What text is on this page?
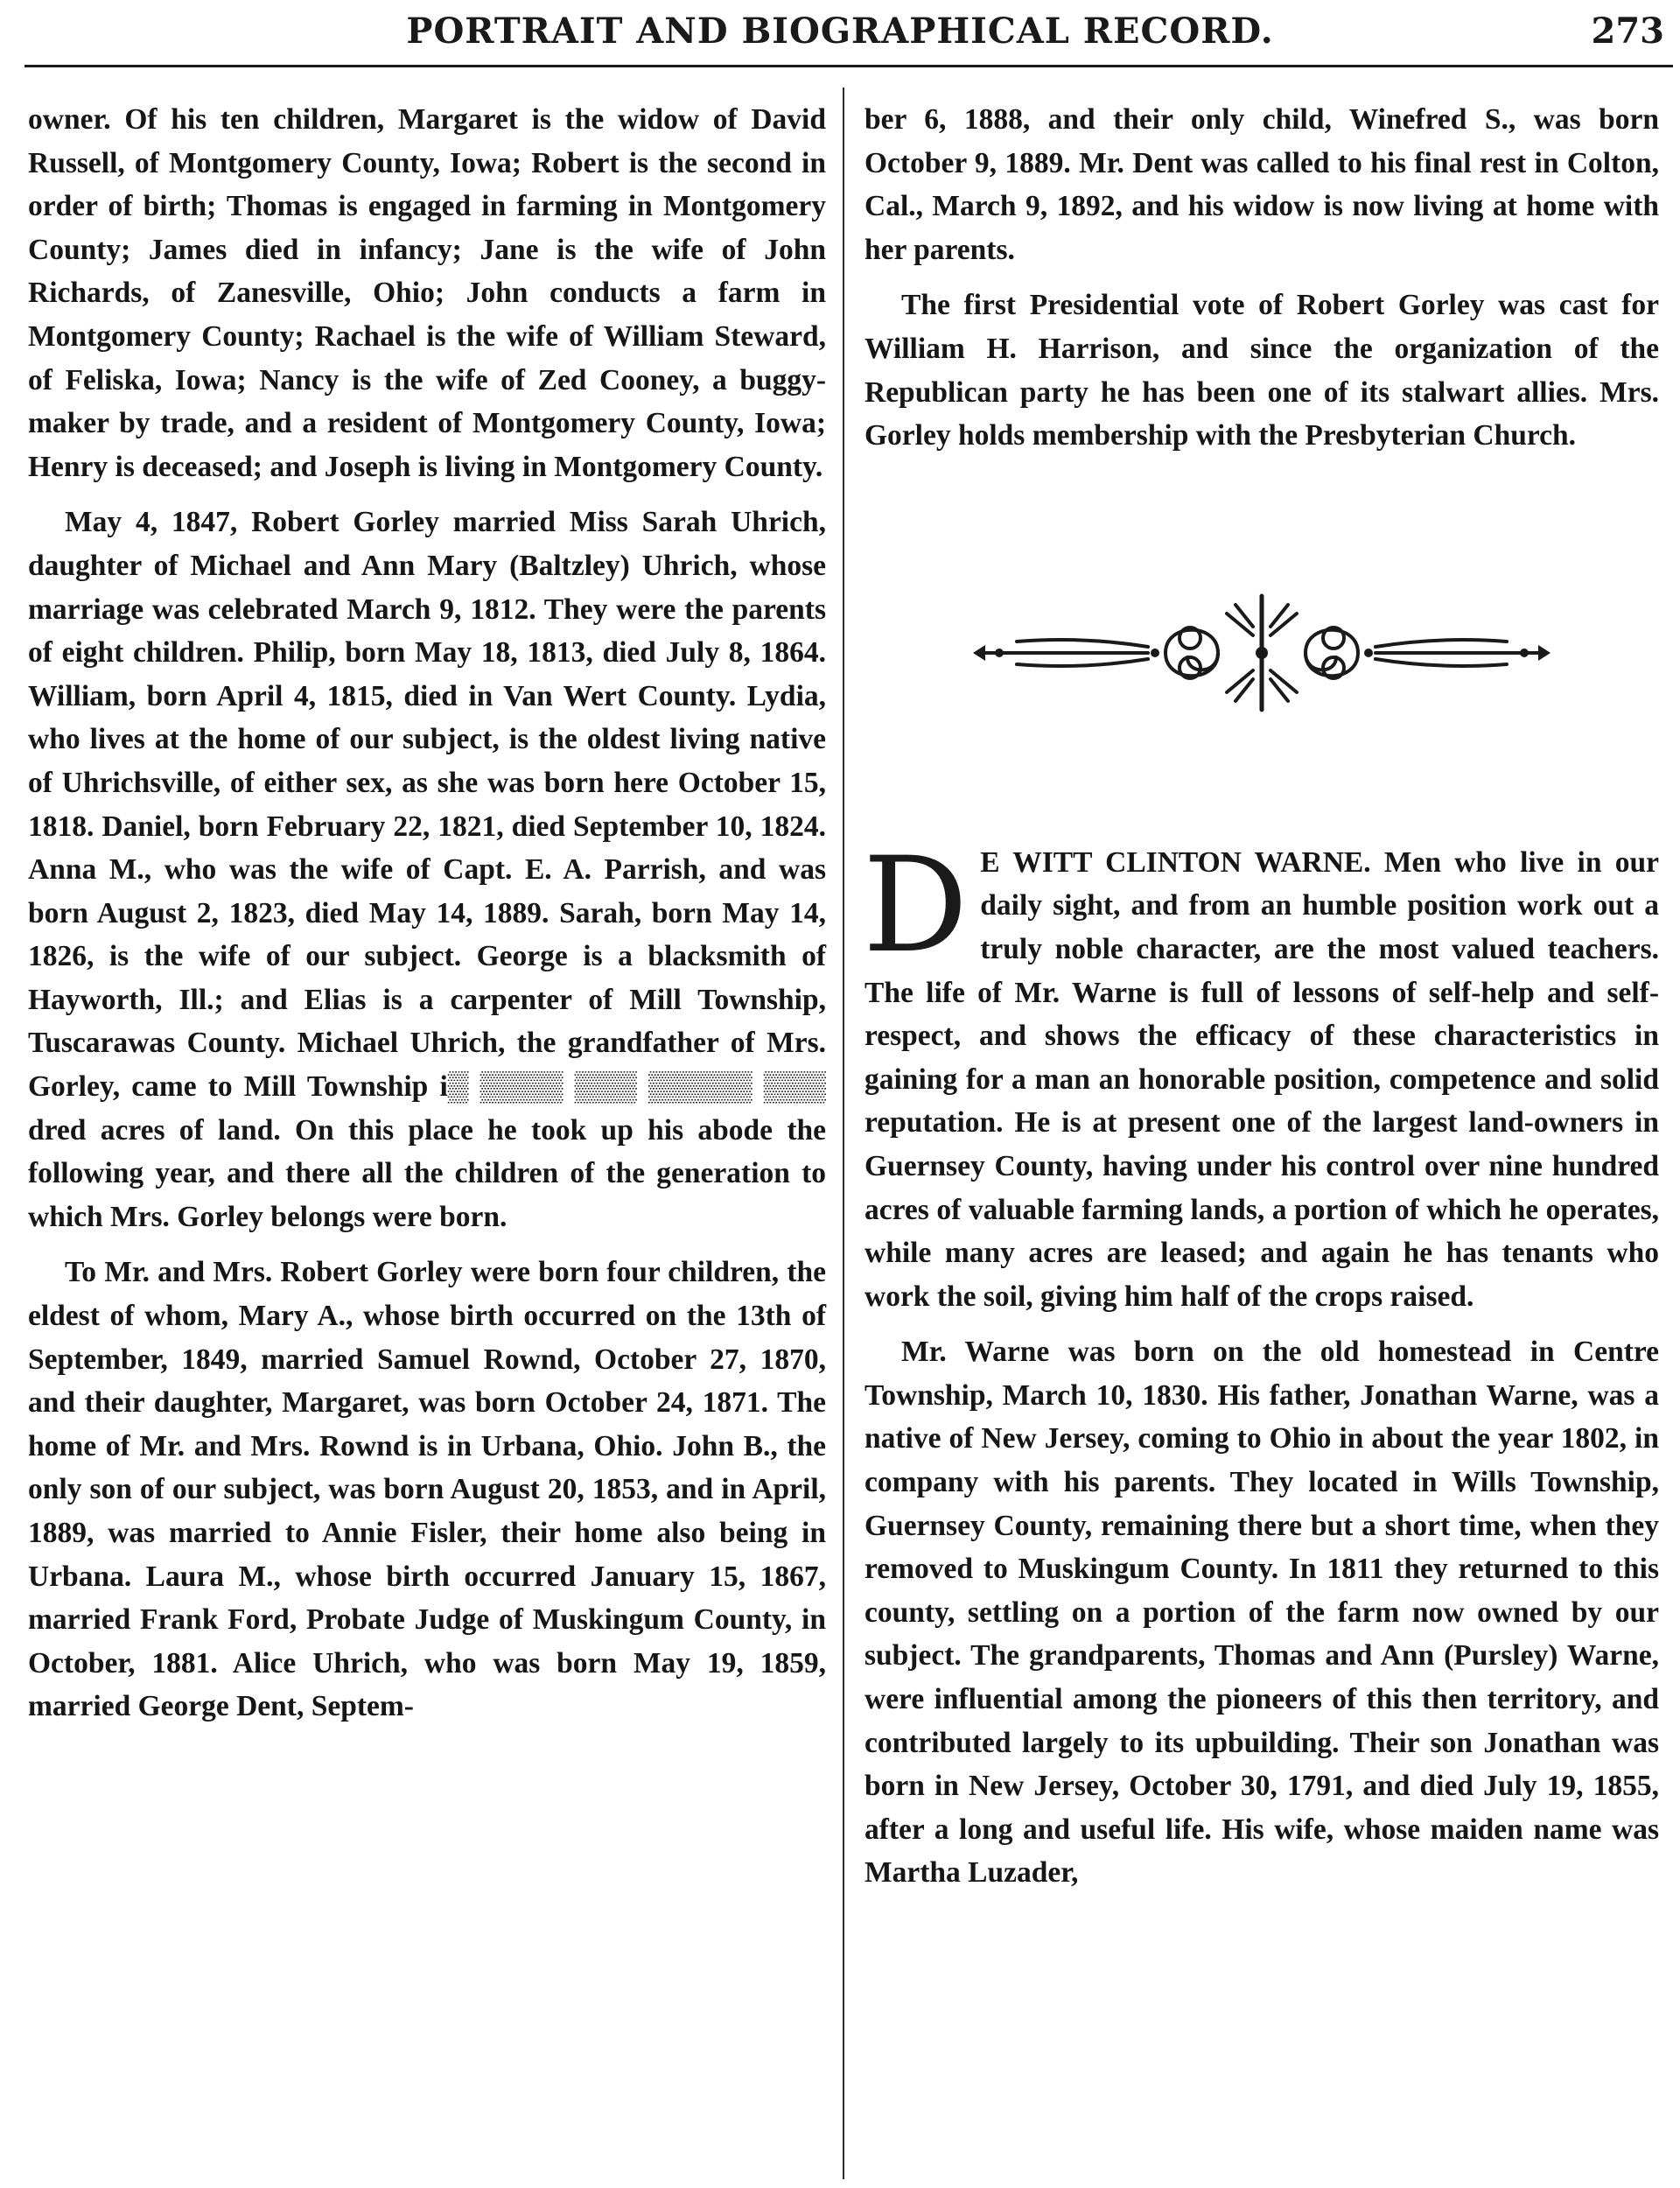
PORTRAIT AND BIOGRAPHICAL RECORD.	273

owner. Of his ten children, Margaret is the widow of David Russell, of Montgomery County, Iowa; Robert is the second in order of birth; Thomas is engaged in farming in Montgomery County; James died in infancy; Jane is the wife of John Richards, of Zanesville, Ohio; John conducts a farm in Montgomery County; Rachael is the wife of William Steward, of Feliska, Iowa; Nancy is the wife of Zed Cooney, a buggy-maker by trade, and a resident of Montgomery County, Iowa; Henry is deceased; and Joseph is living in Montgomery County.

May 4, 1847, Robert Gorley married Miss Sarah Uhrich, daughter of Michael and Ann Mary (Baltzley) Uhrich, whose marriage was celebrated March 9, 1812. They were the parents of eight children. Philip, born May 18, 1813, died July 8, 1864. William, born April 4, 1815, died in Van Wert County. Lydia, who lives at the home of our subject, is the oldest living native of Uhrichsville, of either sex, as she was born here October 15, 1818. Daniel, born February 22, 1821, died September 10, 1824. Anna M., who was the wife of Capt. E. A. Parrish, and was born August 2, 1823, died May 14, 1889. Sarah, born May 14, 1826, is the wife of our subject. George is a blacksmith of Hayworth, Ill.; and Elias is a carpenter of Mill Township, Tuscarawas County. Michael Uhrich, the grandfather of Mrs. Gorley, came to Mill Township i▒ ▒▒▒▒ ▒▒▒ ▒▒▒▒▒ ▒▒▒ dred acres of land. On this place he took up his abode the following year, and there all the children of the generation to which Mrs. Gorley belongs were born.

To Mr. and Mrs. Robert Gorley were born four children, the eldest of whom, Mary A., whose birth occurred on the 13th of September, 1849, married Samuel Rownd, October 27, 1870, and their daughter, Margaret, was born October 24, 1871. The home of Mr. and Mrs. Rownd is in Urbana, Ohio. John B., the only son of our subject, was born August 20, 1853, and in April, 1889, was married to Annie Fisler, their home also being in Urbana. Laura M., whose birth occurred January 15, 1867, married Frank Ford, Probate Judge of Muskingum County, in October, 1881. Alice Uhrich, who was born May 19, 1859, married George Dent, Septem-

ber 6, 1888, and their only child, Winefred S., was born October 9, 1889. Mr. Dent was called to his final rest in Colton, Cal., March 9, 1892, and his widow is now living at home with her parents.

The first Presidential vote of Robert Gorley was cast for William H. Harrison, and since the organization of the Republican party he has been one of its stalwart allies. Mrs. Gorley holds membership with the Presbyterian Church.

D E WITT CLINTON WARNE. Men who live in our daily sight, and from an humble position work out a truly noble character, are the most valued teachers. The life of Mr. Warne is full of lessons of self-help and self-respect, and shows the efficacy of these characteristics in gaining for a man an honorable position, competence and solid reputation. He is at present one of the largest land-owners in Guernsey County, having under his control over nine hundred acres of valuable farming lands, a portion of which he operates, while many acres are leased; and again he has tenants who work the soil, giving him half of the crops raised.

Mr. Warne was born on the old homestead in Centre Township, March 10, 1830. His father, Jonathan Warne, was a native of New Jersey, coming to Ohio in about the year 1802, in company with his parents. They located in Wills Township, Guernsey County, remaining there but a short time, when they removed to Muskingum County. In 1811 they returned to this county, settling on a portion of the farm now owned by our subject. The grandparents, Thomas and Ann (Pursley) Warne, were influential among the pioneers of this then territory, and contributed largely to its upbuilding. Their son Jonathan was born in New Jersey, October 30, 1791, and died July 19, 1855, after a long and useful life. His wife, whose maiden name was Martha Luzader,
